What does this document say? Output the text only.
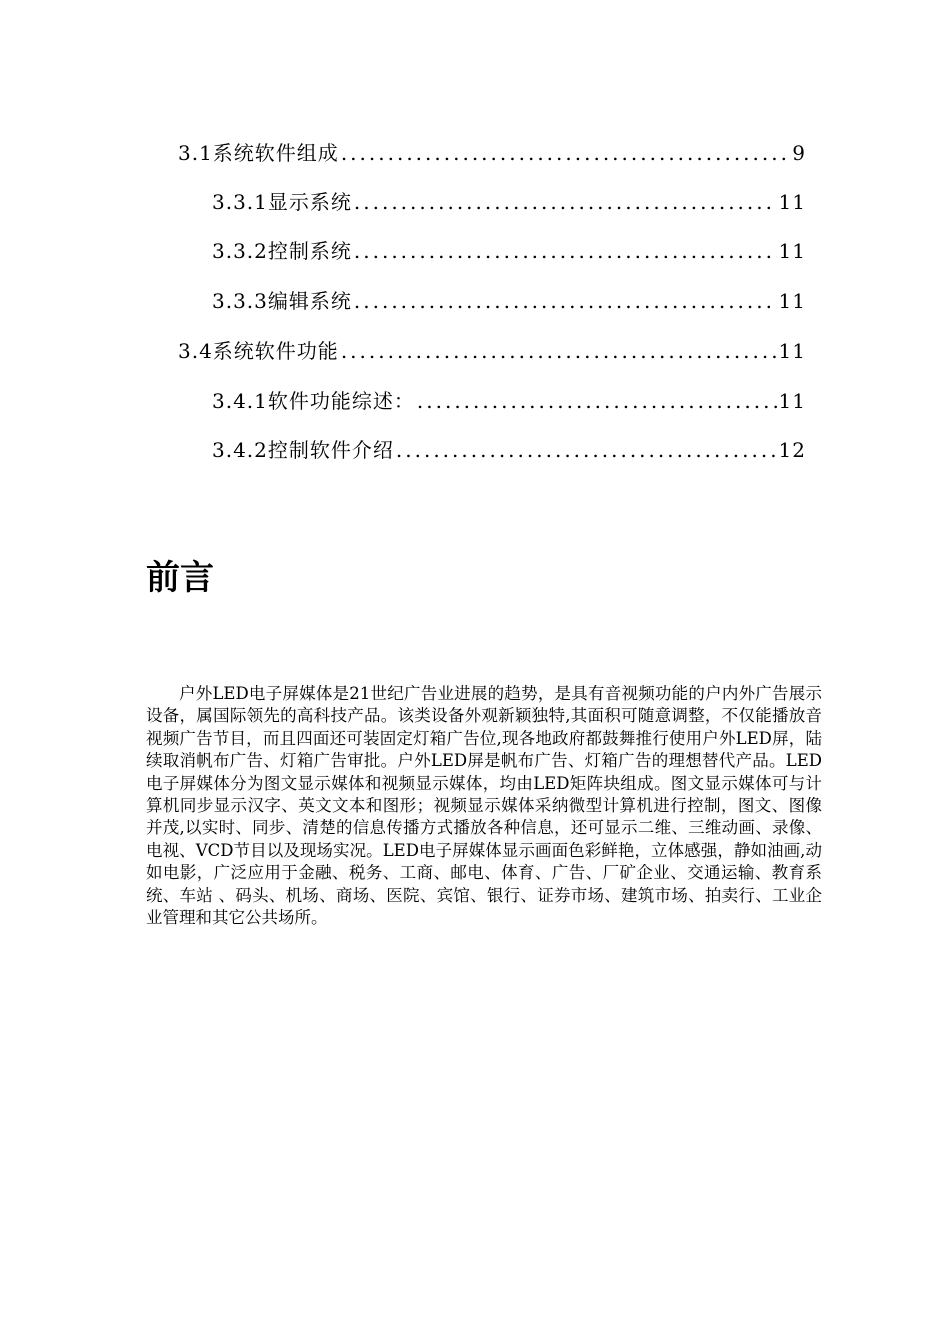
3.1系统软件组成 .....	9
3.3.1显示系统 .....	11
3.3.2控制系统 .....	11
3.3.3编辑系统 .....	11
3.4系统软件功能 .....	11
3.4.1软件功能综述： .....	11
3.4.2控制软件介绍 .....	12
前言

户外LED电子屏媒体是21世纪广告业进展的趋势，是具有音视频功能的户内外广告展示设备，属国际领先的高科技产品。该类设备外观新颖独特,其面积可随意调整，不仅能播放音视频广告节目，而且四面还可装固定灯箱广告位,现各地政府都鼓舞推行使用户外LED屏，陆续取消帆布广告、灯箱广告审批。户外LED屏是帆布广告、灯箱广告的理想替代产品。LED电子屏媒体分为图文显示媒体和视频显示媒体，均由LED矩阵块组成。图文显示媒体可与计算机同步显示汉字、英文文本和图形；视频显示媒体采纳微型计算机进行控制，图文、图像并茂,以实时、同步、清楚的信息传播方式播放各种信息，还可显示二维、三维动画、录像、电视、VCD节目以及现场实况。LED电子屏媒体显示画面色彩鲜艳，立体感强，静如油画,动如电影，广泛应用于金融、税务、工商、邮电、体育、广告、厂矿企业、交通运输、教育系统、车站 、码头、机场、商场、医院、宾馆、银行、证券市场、建筑市场、拍卖行、工业企业管理和其它公共场所。
